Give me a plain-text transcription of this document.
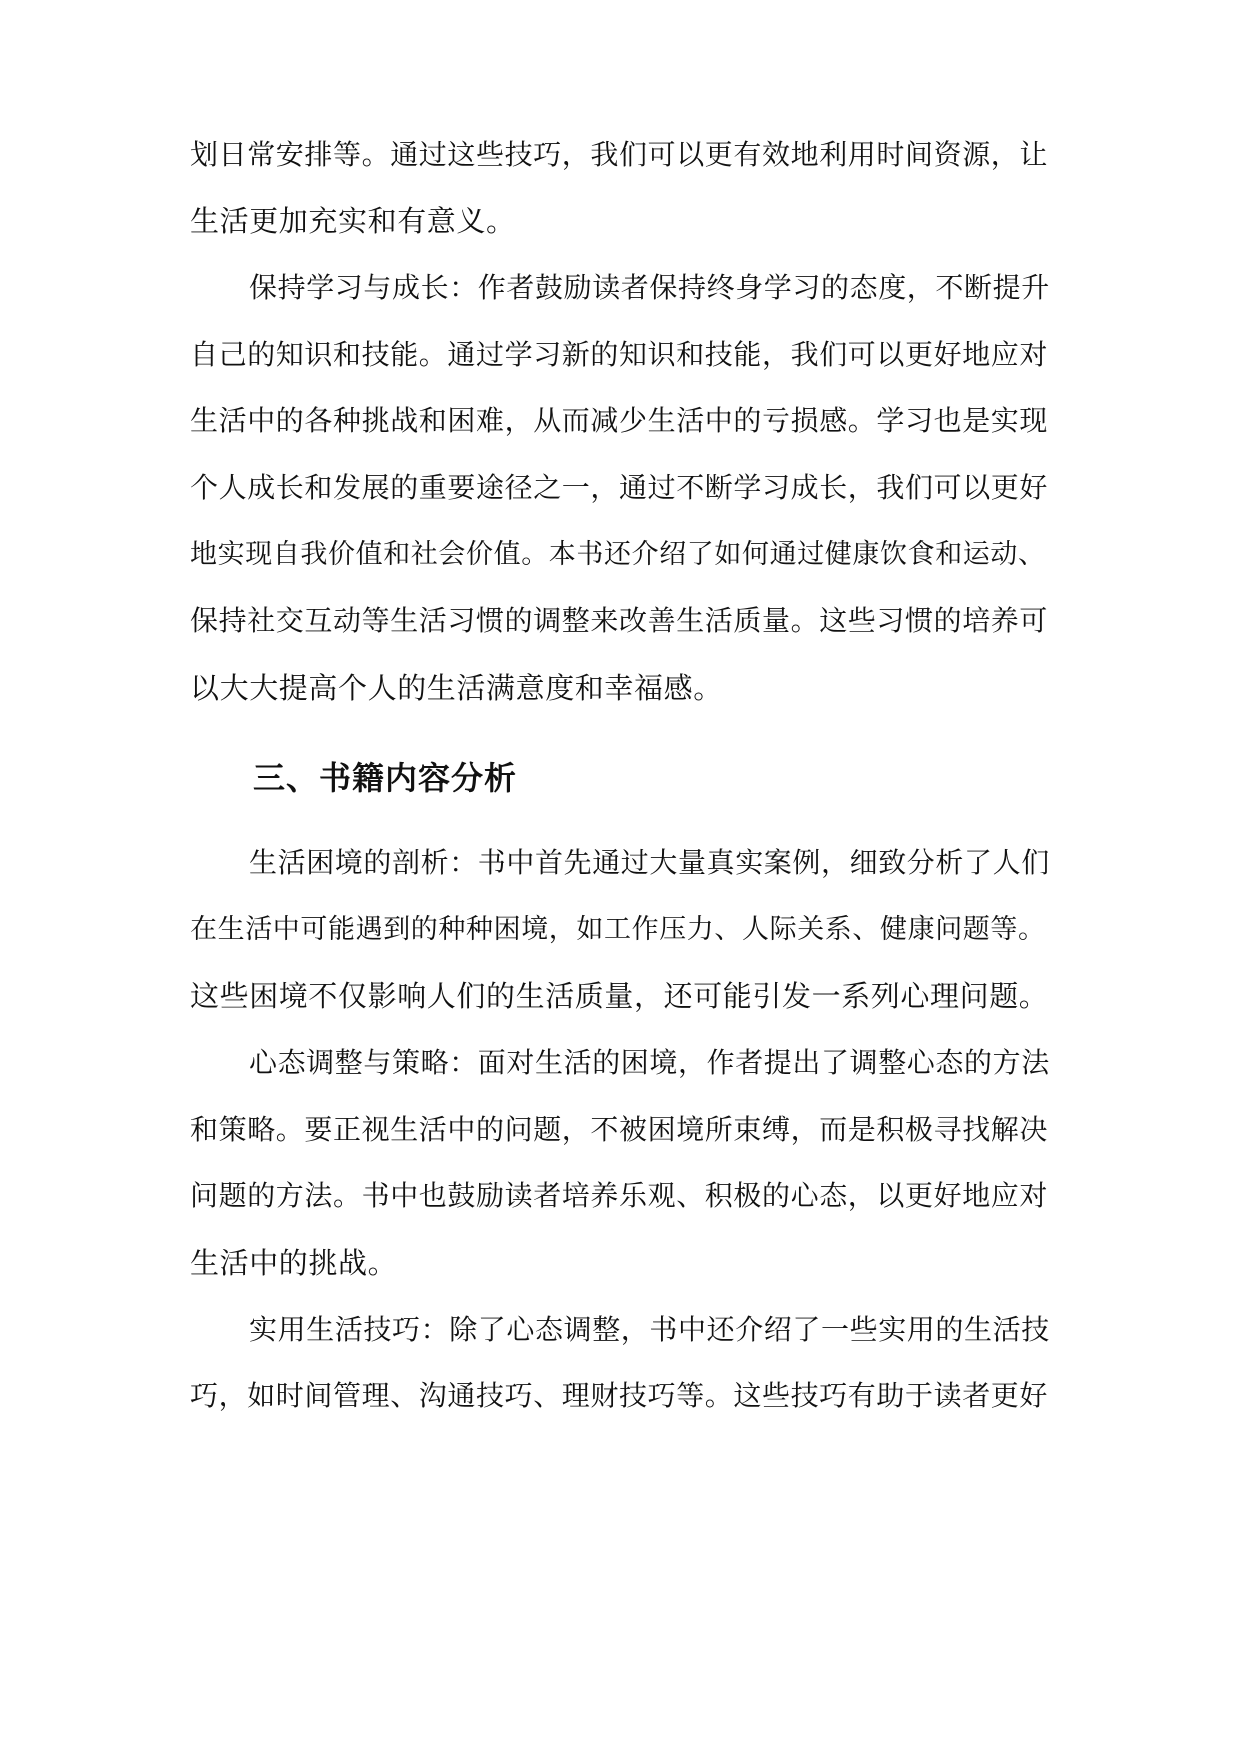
划日常安排等。通过这些技巧，我们可以更有效地利用时间资源，让
生活更加充实和有意义。
保持学习与成长：作者鼓励读者保持终身学习的态度，不断提升
自己的知识和技能。通过学习新的知识和技能，我们可以更好地应对
生活中的各种挑战和困难，从而减少生活中的亏损感。学习也是实现
个人成长和发展的重要途径之一，通过不断学习成长，我们可以更好
地实现自我价值和社会价值。本书还介绍了如何通过健康饮食和运动、
保持社交互动等生活习惯的调整来改善生活质量。这些习惯的培养可
以大大提高个人的生活满意度和幸福感。
三、书籍内容分析
生活困境的剖析：书中首先通过大量真实案例，细致分析了人们
在生活中可能遇到的种种困境，如工作压力、人际关系、健康问题等。
这些困境不仅影响人们的生活质量，还可能引发一系列心理问题。
心态调整与策略：面对生活的困境，作者提出了调整心态的方法
和策略。要正视生活中的问题，不被困境所束缚，而是积极寻找解决
问题的方法。书中也鼓励读者培养乐观、积极的心态，以更好地应对
生活中的挑战。
实用生活技巧：除了心态调整，书中还介绍了一些实用的生活技
巧，如时间管理、沟通技巧、理财技巧等。这些技巧有助于读者更好
